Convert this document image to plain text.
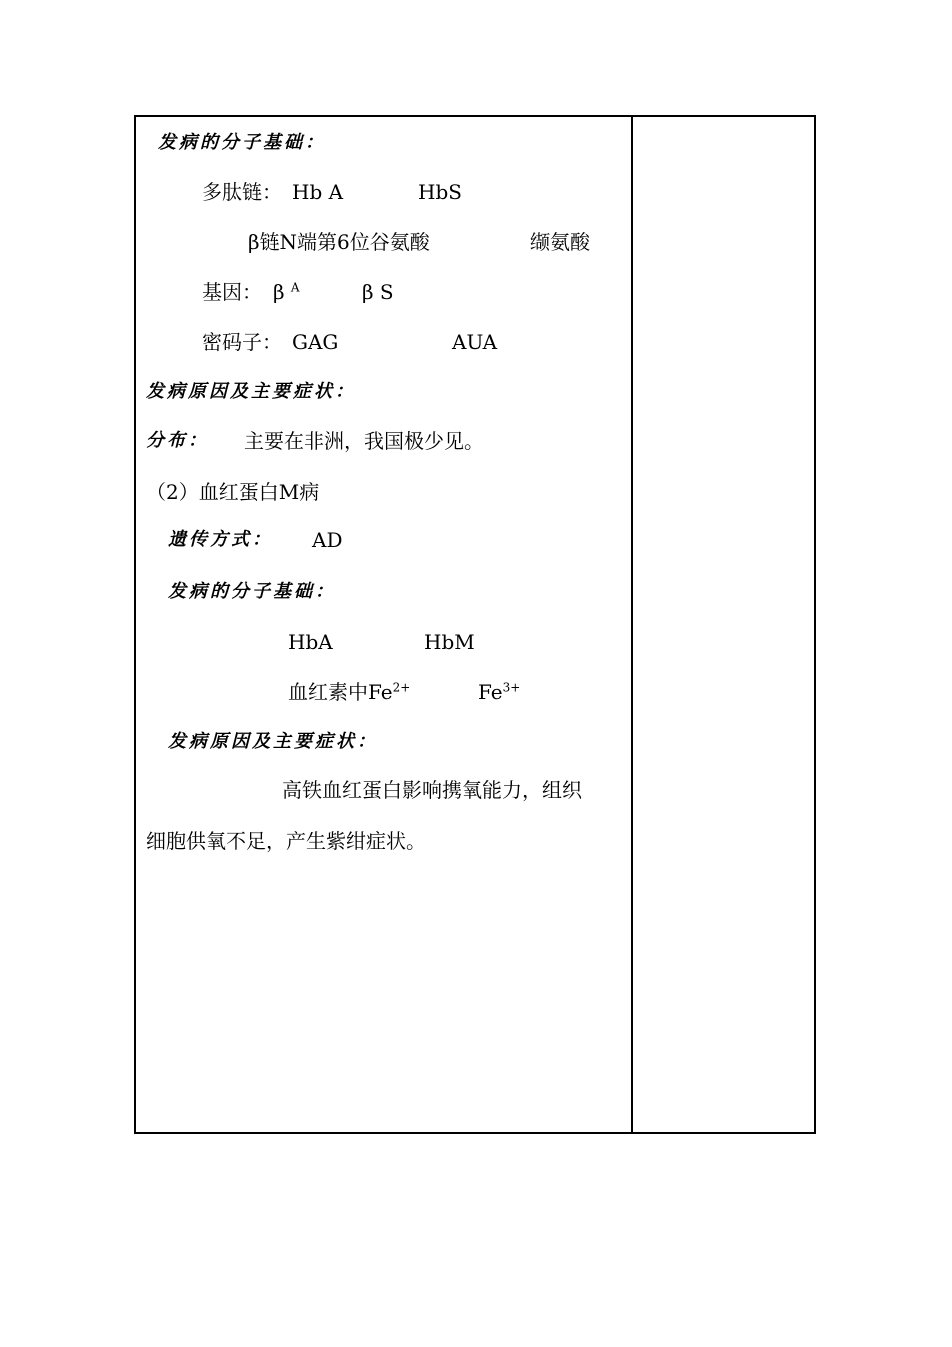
发病的分子基础：
多肽链： Hb A	HbS
β链N端第6位谷氨酸	缬氨酸
基因： β $^A$	β S
密码子： GAG	AUA
发病原因及主要症状：
分布： 主要在非洲，我国极少见。
（2）血红蛋白M病
遗传方式： AD
发病的分子基础：
HbA	HbM
血红素中$Fe^{2+}$	$Fe^{3+}$
发病原因及主要症状：
高铁血红蛋白影响携氧能力，组织
细胞供氧不足，产生紫绀症状。
